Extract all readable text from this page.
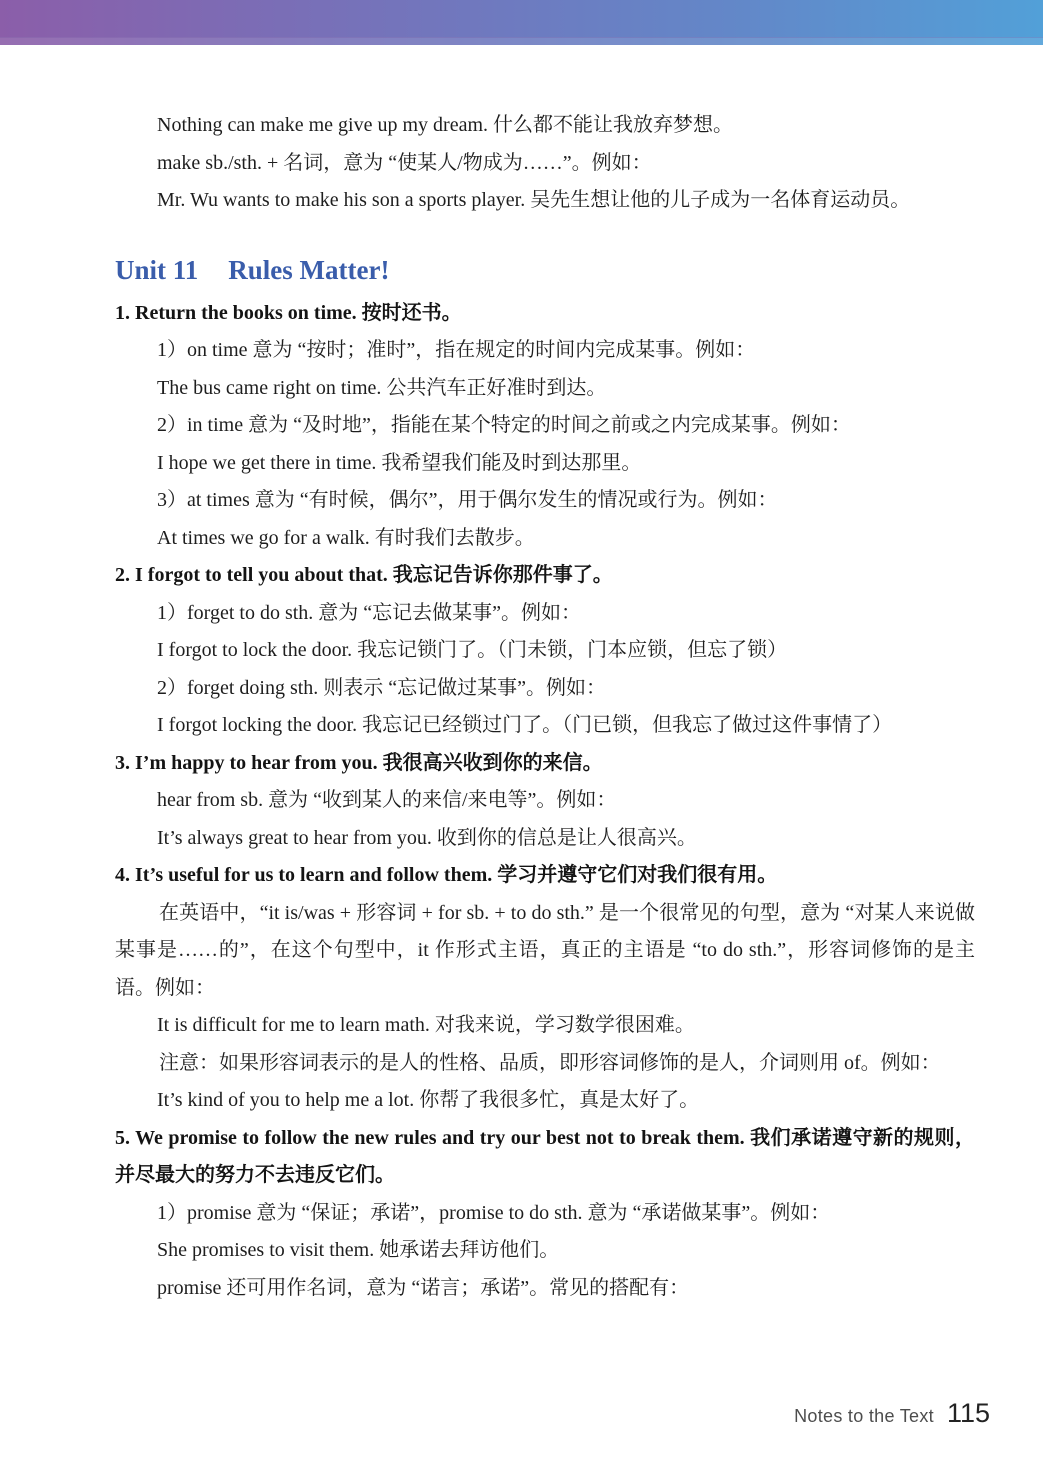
Nothing can make me give up my dream. 什么都不能让我放弃梦想。
make sb./sth. + 名词，意为 “使某人/物成为……”。例如：
Mr. Wu wants to make his son a sports player. 吴先生想让他的儿子成为一名体育运动员。
Unit 11 Rules Matter!
1. Return the books on time. 按时还书。
1）on time 意为 “按时；准时”，指在规定的时间内完成某事。例如：
The bus came right on time. 公共汽车正好准时到达。
2）in time 意为 “及时地”，指能在某个特定的时间之前或之内完成某事。例如：
I hope we get there in time. 我希望我们能及时到达那里。
3）at times 意为 “有时候，偶尔”，用于偶尔发生的情况或行为。例如：
At times we go for a walk. 有时我们去散步。
2. I forgot to tell you about that. 我忘记告诉你那件事了。
1）forget to do sth. 意为 “忘记去做某事”。例如：
I forgot to lock the door. 我忘记锁门了。（门未锁，门本应锁，但忘了锁）
2）forget doing sth. 则表示 “忘记做过某事”。例如：
I forgot locking the door. 我忘记已经锁过门了。（门已锁，但我忘了做过这件事情了）
3. I’m happy to hear from you. 我很高兴收到你的来信。
hear from sb. 意为 “收到某人的来信/来电等”。例如：
It’s always great to hear from you. 收到你的信总是让人很高兴。
4. It’s useful for us to learn and follow them. 学习并遵守它们对我们很有用。
在英语中，“it is/was + 形容词 + for sb. + to do sth.” 是一个很常见的句型，意为 “对某人来说做某事是……的”，在这个句型中，it 作形式主语，真正的主语是 “to do sth.”，形容词修饰的是主语。例如：
It is difficult for me to learn math. 对我来说，学习数学很困难。
注意：如果形容词表示的是人的性格、品质，即形容词修饰的是人，介词则用 of。例如：
It’s kind of you to help me a lot. 你帮了我很多忙，真是太好了。
5. We promise to follow the new rules and try our best not to break them. 我们承诺遵守新的规则，并尽最大的努力不去违反它们。
1）promise 意为 “保证；承诺”，promise to do sth. 意为 “承诺做某事”。例如：
She promises to visit them. 她承诺去拜访他们。
promise 还可用作名词，意为 “诺言；承诺”。常见的搭配有：
Notes to the Text 115
